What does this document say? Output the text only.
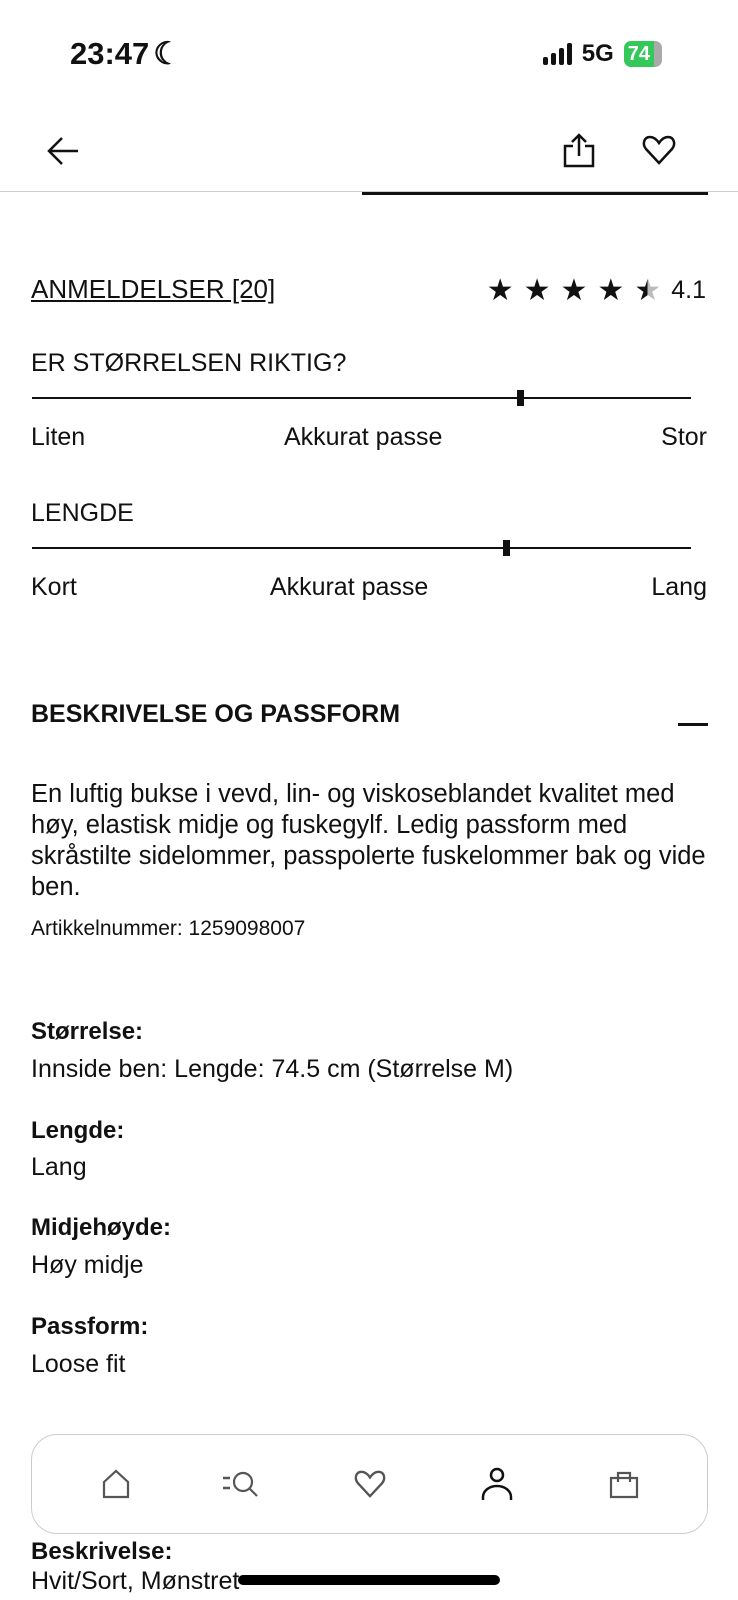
23:47 ☾	5G 74
ANMELDELSER [20]	★ ★ ★ ★ ★ 4.1
ER STØRRELSEN RIKTIG?
Liten	Akkurat passe	Stor
LENGDE
Kort	Akkurat passe	Lang
BESKRIVELSE OG PASSFORM
En luftig bukse i vevd, lin- og viskoseblandet kvalitet med høy, elastisk midje og fuskegylf. Ledig passform med skråstilte sidelommer, passpolerte fuskelommer bak og vide ben.
Artikkelnummer: 1259098007
Størrelse:
Innside ben: Lengde: 74.5 cm (Størrelse M)
Lengde:
Lang
Midjehøyde:
Høy midje
Passform:
Loose fit
Beskrivelse:
Hvit/Sort, Mønstret
